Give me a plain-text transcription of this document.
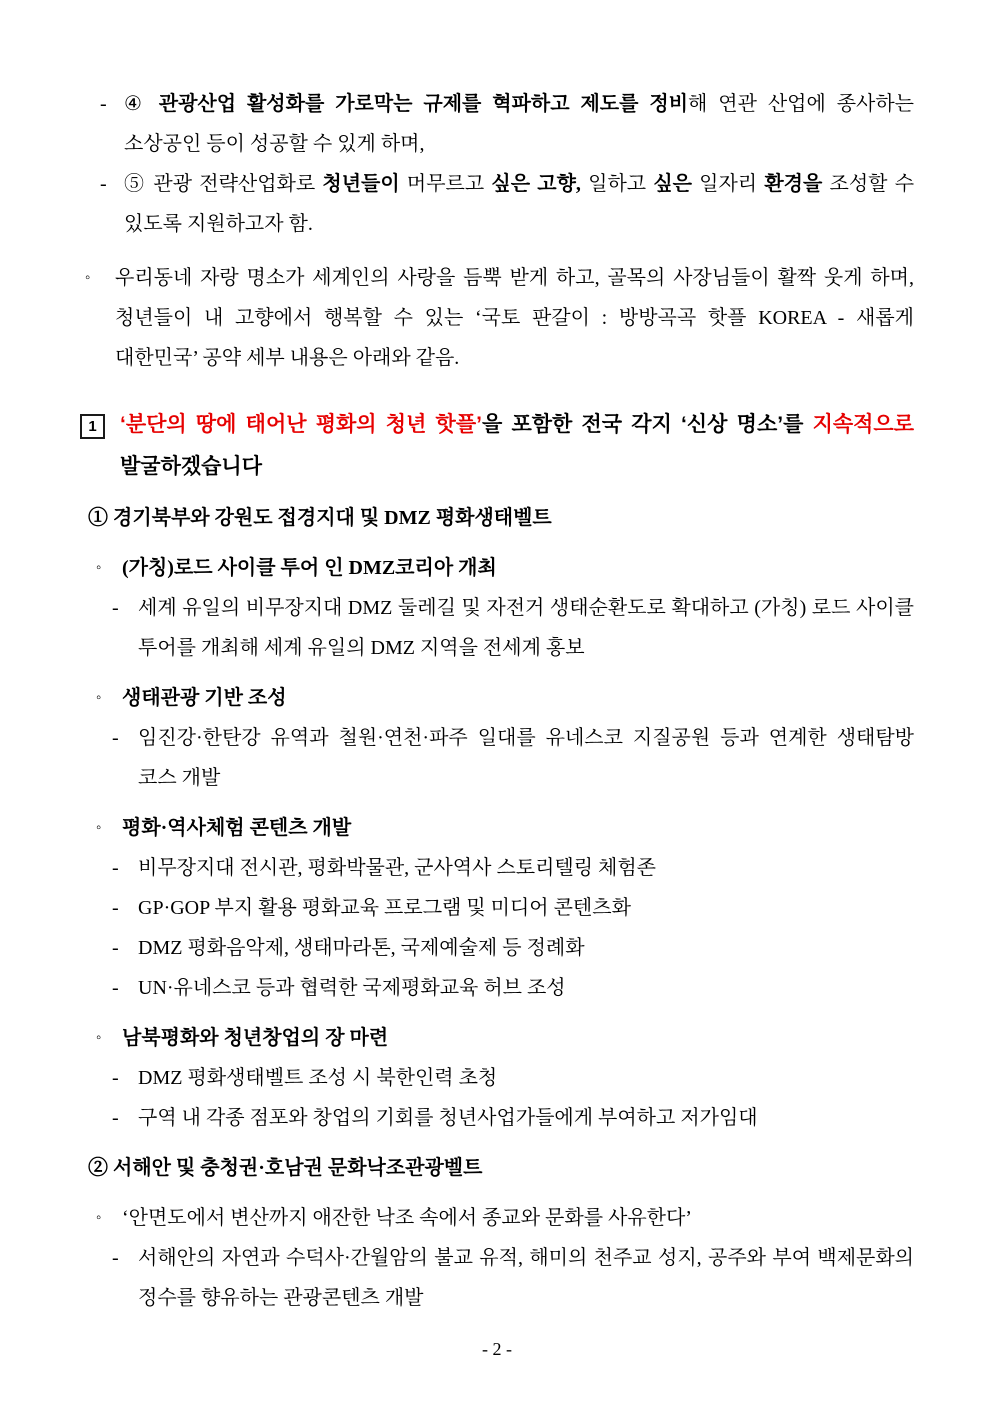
- ④ 관광산업 활성화를 가로막는 규제를 혁파하고 제도를 정비해 연관 산업에 종사하는 소상공인 등이 성공할 수 있게 하며,
- ⑤ 관광 전략산업화로 청년들이 머무르고 싶은 고향, 일하고 싶은 일자리 환경을 조성할 수 있도록 지원하고자 함.
◦	우리동네 자랑 명소가 세계인의 사랑을 듬뿍 받게 하고, 골목의 사장님들이 활짝 웃게 하며, 청년들이 내 고향에서 행복할 수 있는 ‘국토 판갈이 : 방방곡곡 핫플 KOREA - 새롭게 대한민국’ 공약 세부 내용은 아래와 같음.
1	‘분단의 땅에 태어난 평화의 청년 핫플’을 포함한 전국 각지 ‘신상 명소’를 지속적으로 발굴하겠습니다
① 경기북부와 강원도 접경지대 및 DMZ 평화생태벨트
◦	(가칭)로드 사이클 투어 인 DMZ코리아 개최
- 세계 유일의 비무장지대 DMZ 둘레길 및 자전거 생태순환도로 확대하고 (가칭) 로드 사이클 투어를 개최해 세계 유일의 DMZ 지역을 전세계 홍보
◦	생태관광 기반 조성
- 임진강·한탄강 유역과 철원·연천·파주 일대를 유네스코 지질공원 등과 연계한 생태탐방 코스 개발
◦	평화·역사체험 콘텐츠 개발
- 비무장지대 전시관, 평화박물관, 군사역사 스토리텔링 체험존
- GP·GOP 부지 활용 평화교육 프로그램 및 미디어 콘텐츠화
- DMZ 평화음악제, 생태마라톤, 국제예술제 등 정례화
- UN·유네스코 등과 협력한 국제평화교육 허브 조성
◦	남북평화와 청년창업의 장 마련
- DMZ 평화생태벨트 조성 시 북한인력 초청
- 구역 내 각종 점포와 창업의 기회를 청년사업가들에게 부여하고 저가임대
② 서해안 및 충청권·호남권 문화낙조관광벨트
◦	‘안면도에서 변산까지 애잔한 낙조 속에서 종교와 문화를 사유한다’
- 서해안의 자연과 수덕사·간월암의 불교 유적, 해미의 천주교 성지, 공주와 부여 백제문화의 정수를 향유하는 관광콘텐츠 개발
- 2 -
